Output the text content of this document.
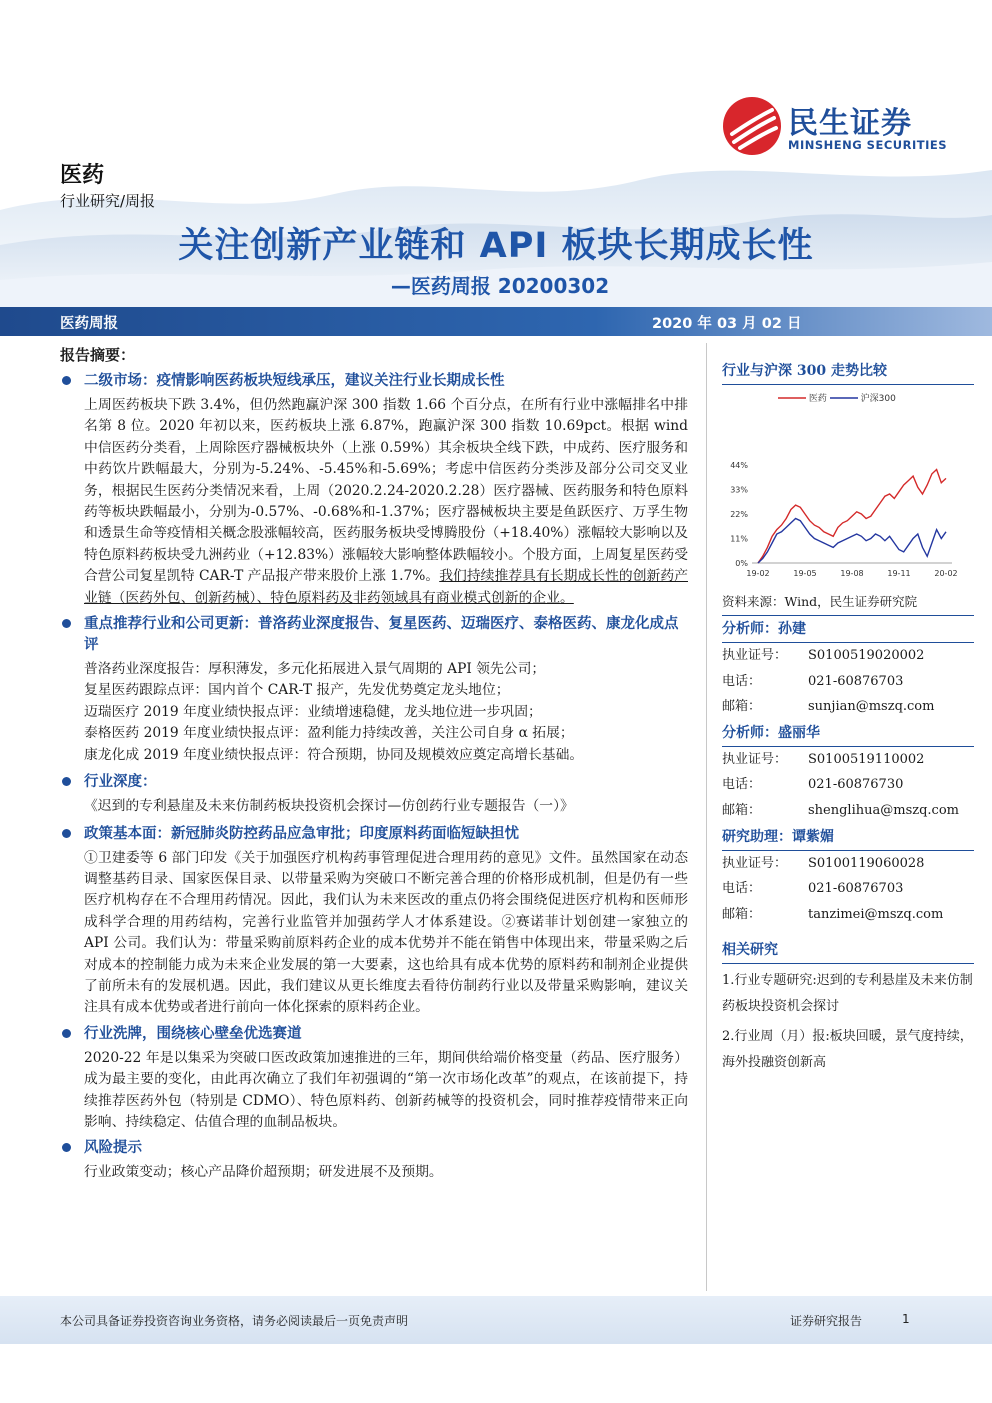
民生证券
MINSHENG SECURITIES
医药
行业研究/周报
关注创新产业链和 API 板块长期成长性
—医药周报 20200302
医药周报	2020 年 03 月 02 日
报告摘要：
二级市场：疫情影响医药板块短线承压，建议关注行业长期成长性
上周医药板块下跌 3.4%，但仍然跑赢沪深 300 指数 1.66 个百分点，在所有行业中涨幅排名中排名第 8 位。2020 年初以来，医药板块上涨 6.87%，跑赢沪深 300 指数 10.69pct。根据 wind 中信医药分类看，上周除医疗器械板块外（上涨 0.59%）其余板块全线下跌，中成药、医疗服务和中药饮片跌幅最大，分别为-5.24%、-5.45%和-5.69%；考虑中信医药分类涉及部分公司交叉业务，根据民生医药分类情况来看，上周（2020.2.24-2020.2.28）医疗器械、医药服务和特色原料药等板块跌幅最小，分别为-0.57%、-0.68%和-1.37%；医疗器械板块主要是鱼跃医疗、万孚生物和透景生命等疫情相关概念股涨幅较高，医药服务板块受博腾股份（+18.40%）涨幅较大影响以及特色原料药板块受九洲药业（+12.83%）涨幅较大影响整体跌幅较小。个股方面，上周复星医药受合营公司复星凯特 CAR-T 产品报产带来股价上涨 1.7%。我们持续推荐具有长期成长性的创新药产业链（医药外包、创新药械）、特色原料药及非药领域具有商业模式创新的企业。
重点推荐行业和公司更新：普洛药业深度报告、复星医药、迈瑞医疗、泰格医药、康龙化成点评
普洛药业深度报告：厚积薄发，多元化拓展进入景气周期的 API 领先公司；
复星医药跟踪点评：国内首个 CAR-T 报产，先发优势奠定龙头地位；
迈瑞医疗 2019 年度业绩快报点评：业绩增速稳健，龙头地位进一步巩固；
泰格医药 2019 年度业绩快报点评：盈利能力持续改善，关注公司自身 α 拓展；
康龙化成 2019 年度业绩快报点评：符合预期，协同及规模效应奠定高增长基础。
行业深度：
《迟到的专利悬崖及未来仿制药板块投资机会探讨—仿创药行业专题报告（一）》
政策基本面：新冠肺炎防控药品应急审批；印度原料药面临短缺担忧
①卫建委等 6 部门印发《关于加强医疗机构药事管理促进合理用药的意见》文件。虽然国家在动态调整基药目录、国家医保目录、以带量采购为突破口不断完善合理的价格形成机制，但是仍有一些医疗机构存在不合理用药情况。因此，我们认为未来医改的重点仍将会围绕促进医疗机构和医师形成科学合理的用药结构，完善行业监管并加强药学人才体系建设。②赛诺菲计划创建一家独立的 API 公司。我们认为：带量采购前原料药企业的成本优势并不能在销售中体现出来，带量采购之后对成本的控制能力成为未来企业发展的第一大要素，这也给具有成本优势的原料药和制剂企业提供了前所未有的发展机遇。因此，我们建议从更长维度去看待仿制药行业以及带量采购影响，建议关注具有成本优势或者进行前向一体化探索的原料药企业。
行业洗牌，围绕核心壁垒优选赛道
2020-22 年是以集采为突破口医改政策加速推进的三年，期间供给端价格变量（药品、医疗服务）成为最主要的变化，由此再次确立了我们年初强调的“第一次市场化改革”的观点，在该前提下，持续推荐医药外包（特别是 CDMO）、特色原料药、创新药械等的投资机会，同时推荐疫情带来正向影响、持续稳定、估值合理的血制品板块。
风险提示
行业政策变动；核心产品降价超预期；研发进展不及预期。
行业与沪深 300 走势比较
医药	沪深300
0%
11%
22%
33%
44%
19-02	19-05	19-08	19-11	20-02
资料来源：Wind，民生证券研究院
分析师：孙建
执业证号： S0100519020002
电话：	021-60876703
邮箱：	sunjian@mszq.com
分析师：盛丽华
执业证号： S0100519110002
电话：	021-60876730
邮箱：	shenglihua@mszq.com
研究助理：谭紫媚
执业证号： S0100119060028
电话：	021-60876703
邮箱：	tanzimei@mszq.com
相关研究
1.行业专题研究:迟到的专利悬崖及未来仿制药板块投资机会探讨
2.行业周（月）报:板块回暖，景气度持续，海外投融资创新高
本公司具备证券投资咨询业务资格，请务必阅读最后一页免责声明	证券研究报告	1
